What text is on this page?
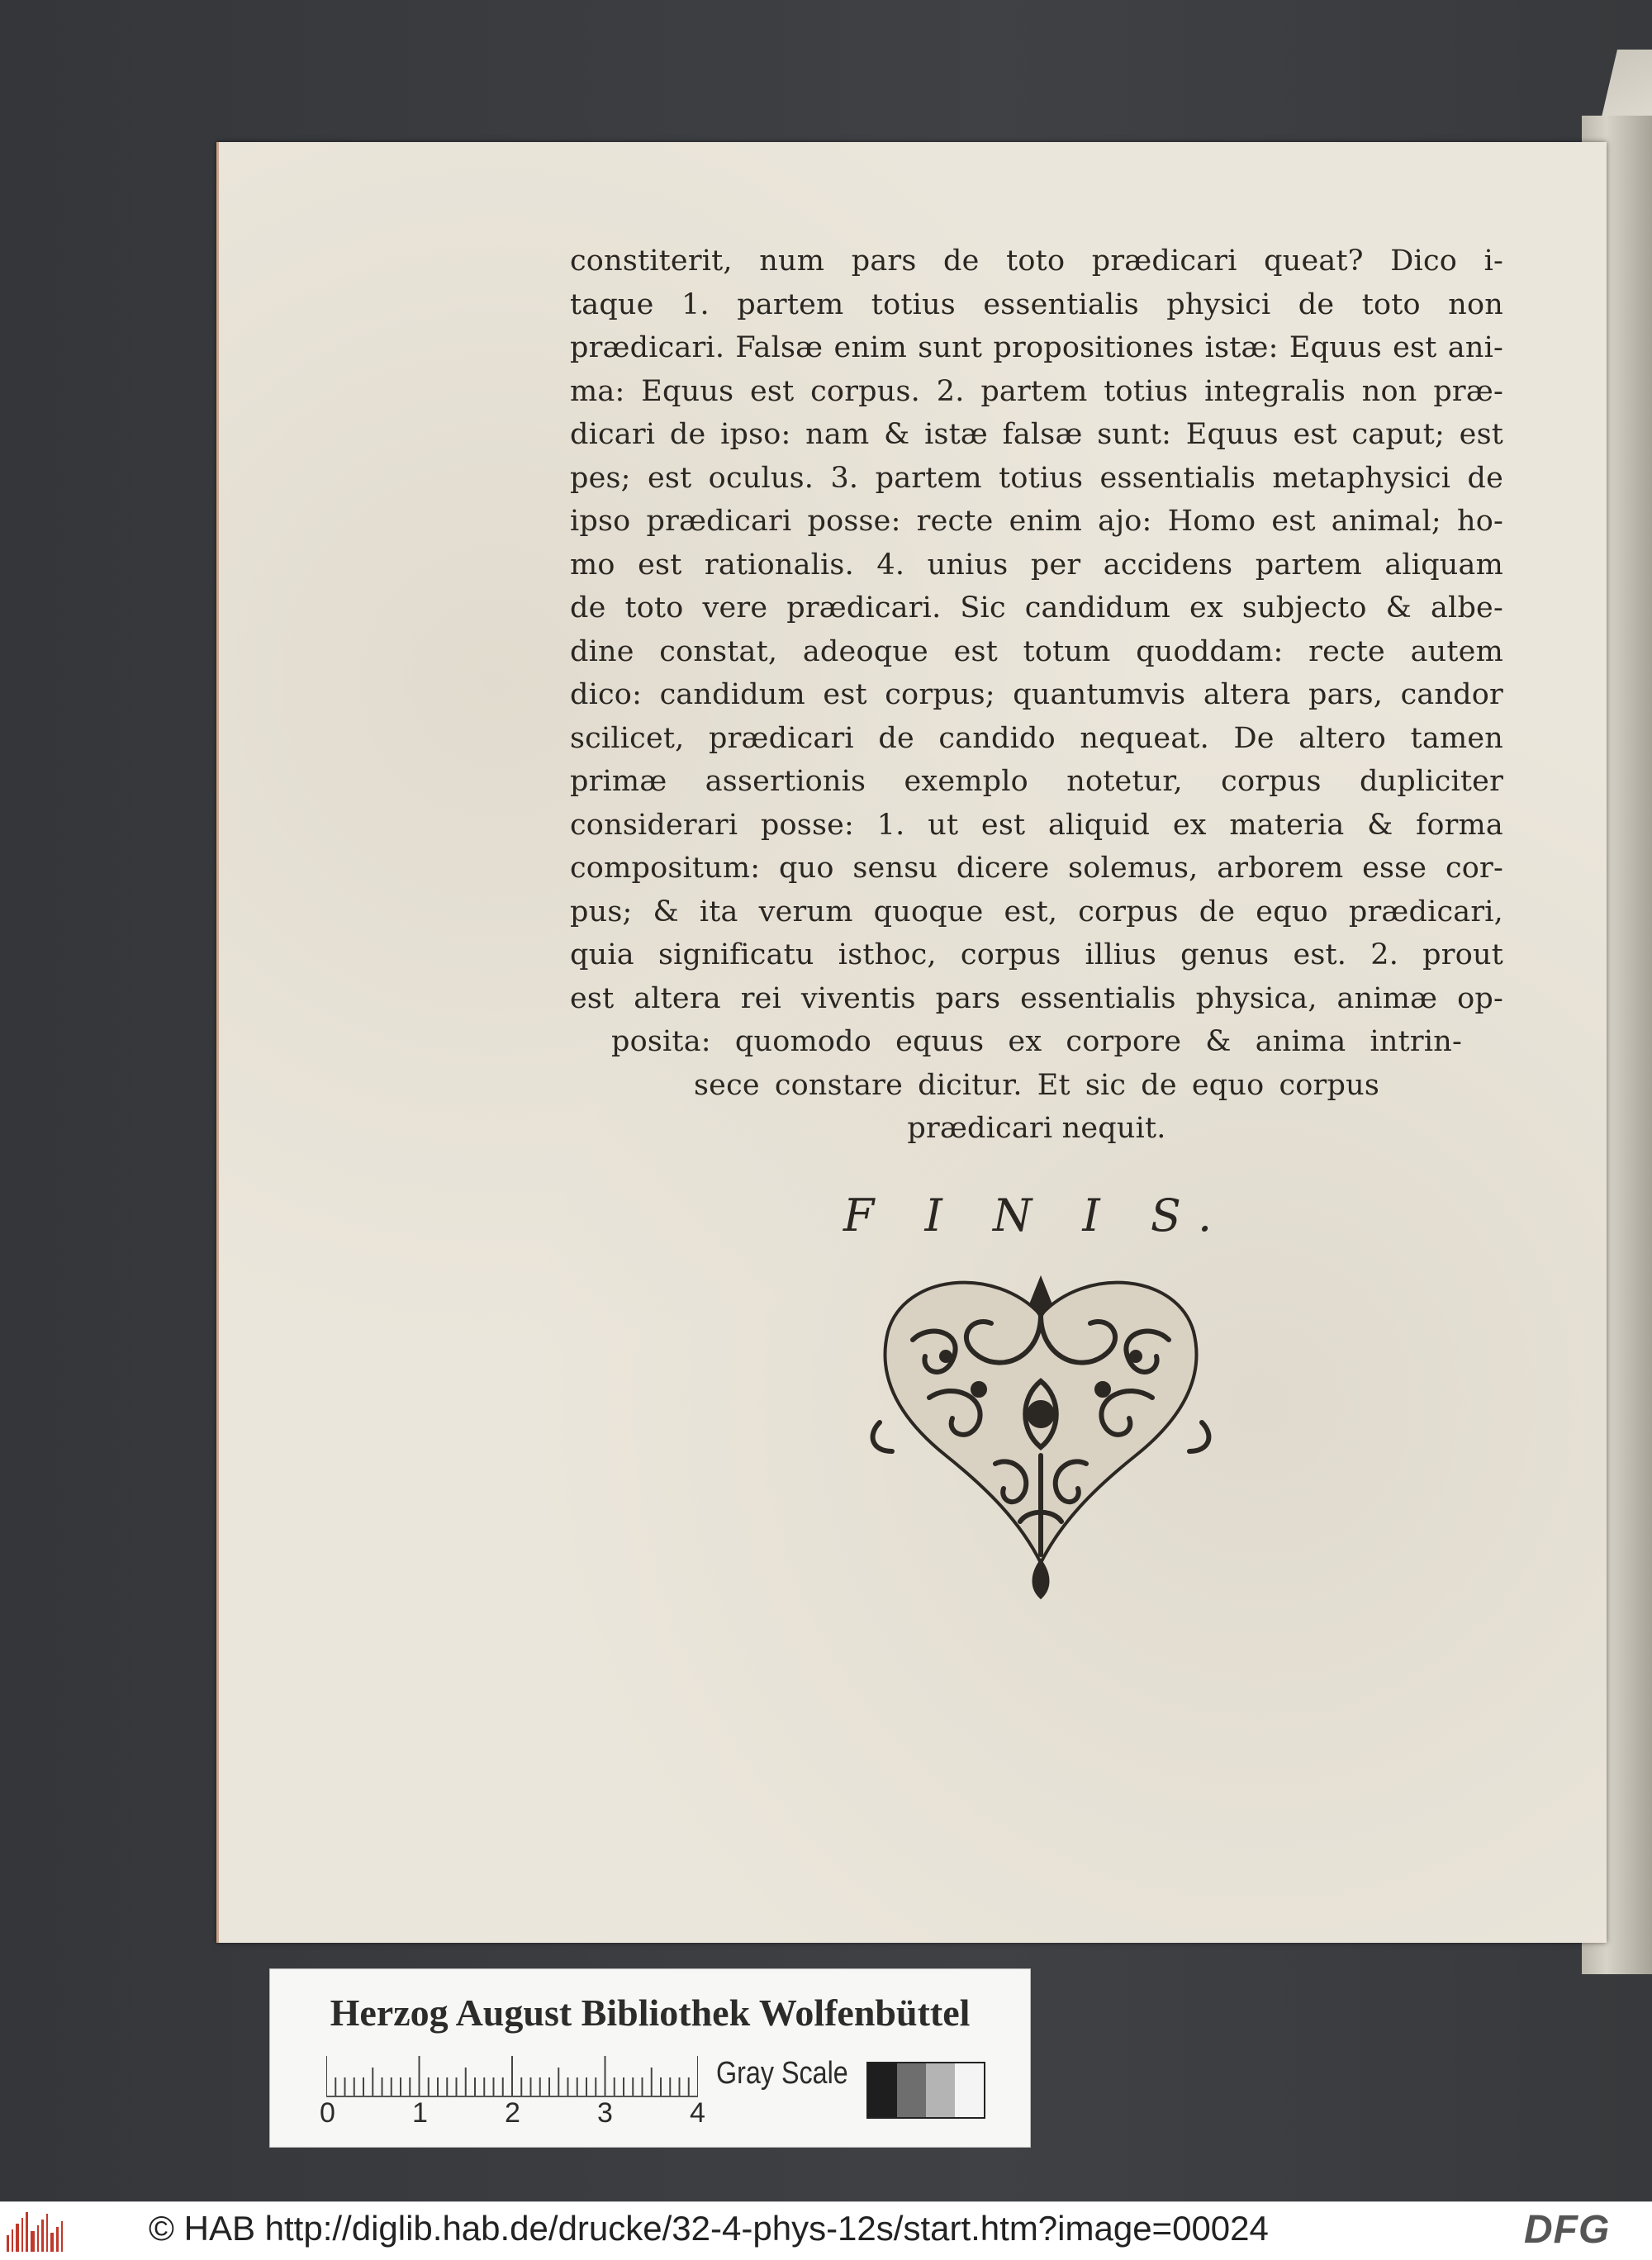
constiterit, num pars de toto prædicari queat? Dico i-
taque 1. partem totius essentialis physici de toto non
prædicari. Falsæ enim sunt propositiones istæ: Equus est ani-
ma: Equus est corpus. 2. partem totius integralis non præ-
dicari de ipso: nam & istæ falsæ sunt: Equus est caput; est
pes; est oculus. 3. partem totius essentialis metaphysici de
ipso prædicari posse: recte enim ajo: Homo est animal; ho-
mo est rationalis. 4. unius per accidens partem aliquam
de toto vere prædicari. Sic candidum ex subjecto & albe-
dine constat, adeoque est totum quoddam: recte autem
dico: candidum est corpus; quantumvis altera pars, candor
scilicet, prædicari de candido nequeat. De altero tamen
primæ assertionis exemplo notetur, corpus dupliciter
considerari posse: 1. ut est aliquid ex materia & forma
compositum: quo sensu dicere solemus, arborem esse cor-
pus; & ita verum quoque est, corpus de equo prædicari,
quia significatu isthoc, corpus illius genus est. 2. prout
est altera rei viventis pars essentialis physica, animæ op-
posita: quomodo equus ex corpore & anima intrin-
sece constare dicitur. Et sic de equo corpus
prædicari nequit.
F I N I S.
Herzog August Bibliothek Wolfenbüttel
0	1	2	3	4
Gray Scale
© HAB http://diglib.hab.de/drucke/32-4-phys-12s/start.htm?image=00024	DFG
